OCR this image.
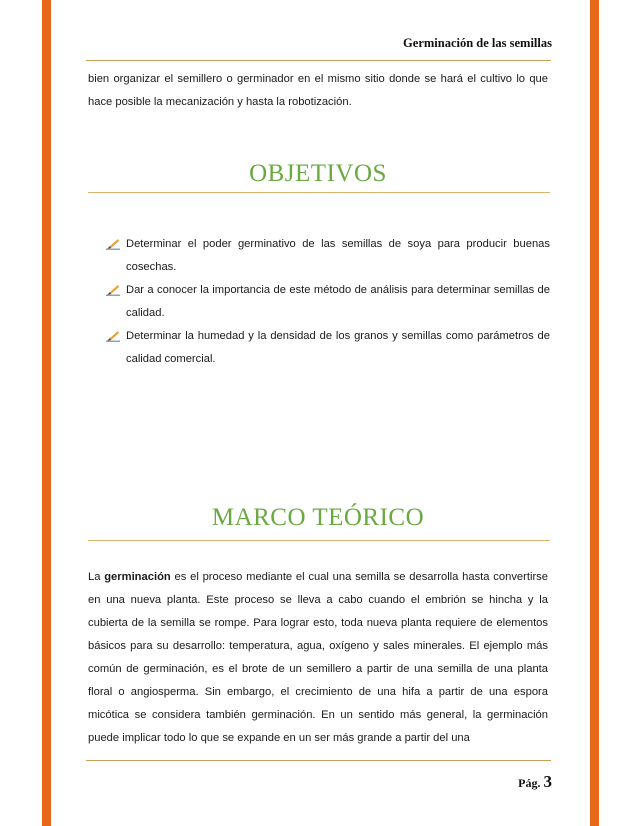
Germinación de las semillas

bien organizar el semillero o germinador en el mismo sitio donde se hará el cultivo lo que hace posible la mecanización y hasta la robotización.

OBJETIVOS
Determinar el poder germinativo de las semillas de soya para producir buenas cosechas.
Dar a conocer la importancia de este método de análisis para determinar semillas de calidad.
Determinar la humedad y la densidad de los granos y semillas como parámetros de calidad comercial.
MARCO TEÓRICO

La germinación es el proceso mediante el cual una semilla se desarrolla hasta convertirse en una nueva planta. Este proceso se lleva a cabo cuando el embrión se hincha y la cubierta de la semilla se rompe. Para lograr esto, toda nueva planta requiere de elementos básicos para su desarrollo: temperatura, agua, oxígeno y sales minerales. El ejemplo más común de germinación, es el brote de un semillero a partir de una semilla de una planta floral o angiosperma. Sin embargo, el crecimiento de una hifa a partir de una espora micótica se considera también germinación. En un sentido más general, la germinación puede implicar todo lo que se expande en un ser más grande a partir del una

Pág. 3
